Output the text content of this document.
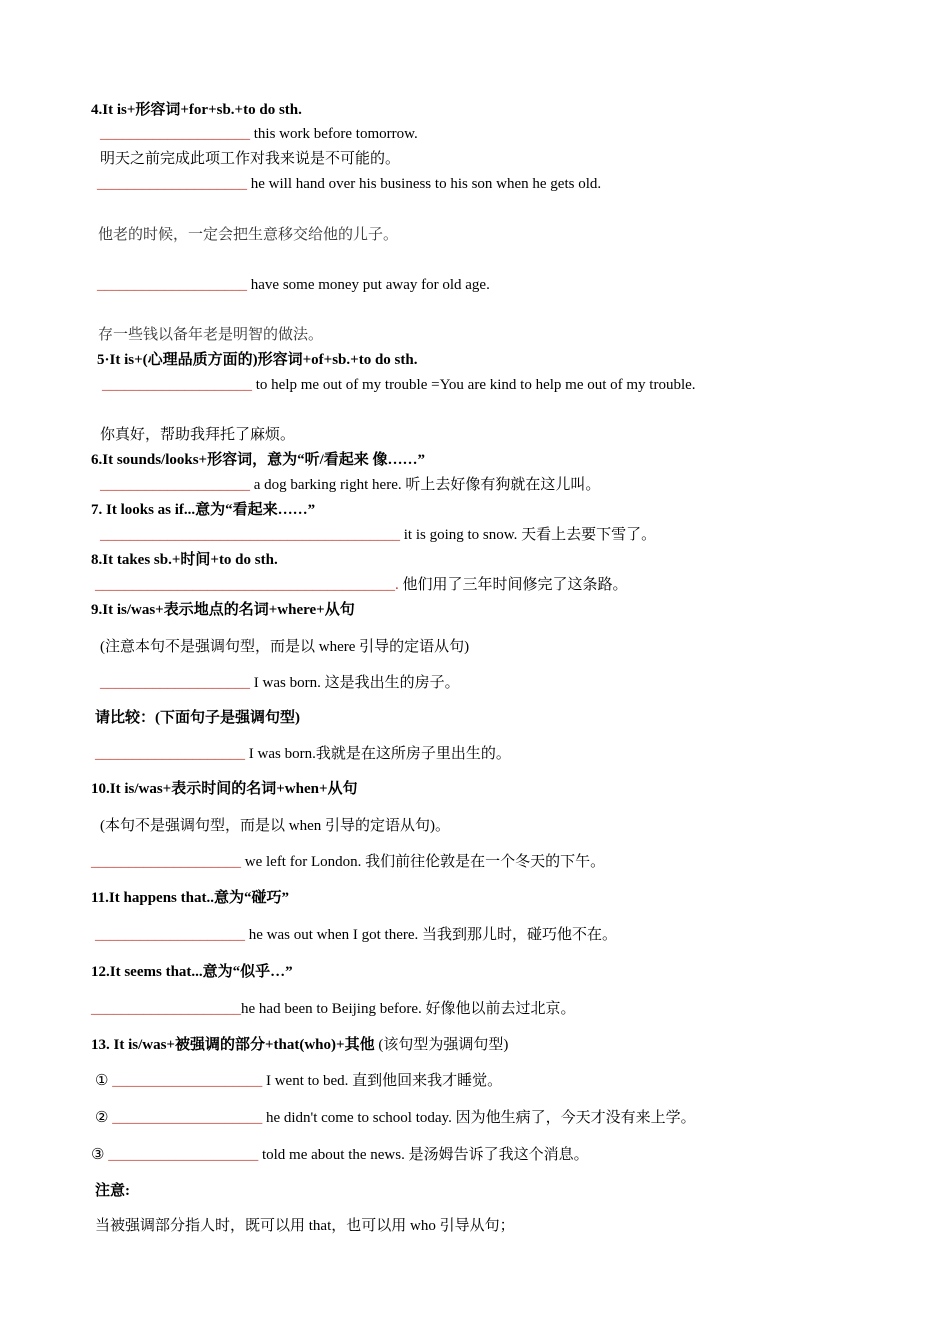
4.It is+形容词+for+sb.+to do sth.
____________________ this work before tomorrow.
明天之前完成此项工作对我来说是不可能的。
____________________ he will hand over his business to his son when he gets old.
他老的时候，一定会把生意移交给他的儿子。
____________________ have some money put away for old age.
存一些钱以备年老是明智的做法。
5·It is+(心理品质方面的)形容词+of+sb.+to do sth.
____________________ to help me out of my trouble =You are kind to help me out of my trouble.
你真好，帮助我拜托了麻烦。
6.It sounds/looks+形容词，意为“听/看起来 像……”
____________________ a dog barking right here. 听上去好像有狗就在这儿叫。
7. It looks as if...意为“看起来……”
________________________________________ it is going to snow. 天看上去要下雪了。
8.It takes sb.+时间+to do sth.
________________________________________. 他们用了三年时间修完了这条路。
9.It is/was+表示地点的名词+where+从句
(注意本句不是强调句型，而是以 where 引导的定语从句)
____________________ I was born. 这是我出生的房子。
请比较：(下面句子是强调句型)
____________________ I was born.我就是在这所房子里出生的。
10.It is/was+表示时间的名词+when+从句
(本句不是强调句型，而是以 when 引导的定语从句)。
____________________ we left for London. 我们前往伦敦是在一个冬天的下午。
11.It happens that..意为“碰巧”
____________________ he was out when I got there. 当我到那儿时，碰巧他不在。
12.It seems that...意为“似乎…”
____________________he had been to Beijing before. 好像他以前去过北京。
13. It is/was+被强调的部分+that(who)+其他 (该句型为强调句型)
① ____________________ I went to bed. 直到他回来我才睡觉。
② ____________________ he didn't come to school today. 因为他生病了，今天才没有来上学。
③ ____________________ told me about the news. 是汤姆告诉了我这个消息。
注意:
当被强调部分指人时，既可以用 that，也可以用 who 引导从句；
